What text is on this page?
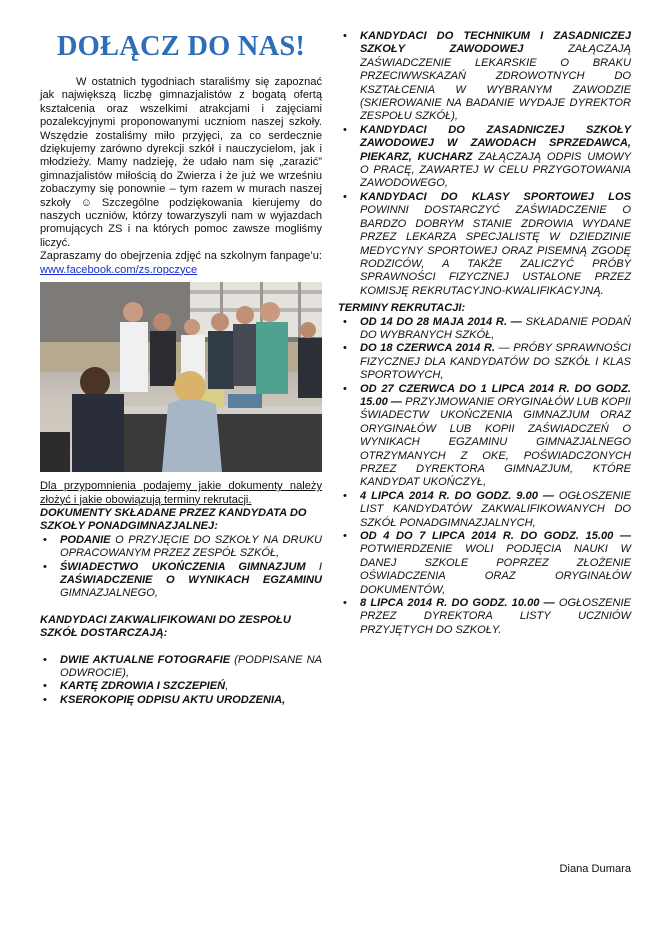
DOŁĄCZ DO NAS!

W ostatnich tygodniach staraliśmy się zapoznać jak największą liczbę gimnazjalistów z bogatą ofertą kształcenia oraz wszelkimi atrakcjami i zajęciami pozalekcyjnymi proponowanymi uczniom naszej szkoły. Wszędzie zostaliśmy miło przyjęci, za co serdecznie dziękujemy zarówno dyrekcji szkół i nauczycielom, jak i młodzieży. Mamy nadzieję, że udało nam się „zarazić” gimnazjalistów miłością do Zwierza i że już we wrześniu zobaczymy się ponownie – tym razem w murach naszej szkoły ☺ Szczególne podziękowania kierujemy do naszych uczniów, którzy towarzyszyli nam w wyjazdach promujących ZS i na których pomoc zawsze mogliśmy liczyć.

Zapraszamy do obejrzenia zdjęć na szkolnym fanpage’u: www.facebook.com/zs.ropczyce

Dla przypomnienia podajemy jakie dokumenty należy złożyć i jakie obowiązują terminy rekrutacji.

DOKUMENTY SKŁADANE PRZEZ KANDYDATA DO SZKOŁY PONADGIMNAZJALNEJ:

• PODANIE O PRZYJĘCIE DO SZKOŁY NA DRUKU OPRACOWANYM PRZEZ ZESPÓŁ SZKÓŁ,
• ŚWIADECTWO UKOŃCZENIA GIMNAZJUM I ZAŚWIADCZENIE O WYNIKACH EGZAMINU GIMNAZJALNEGO,

KANDYDACI ZAKWALIFIKOWANI DO ZESPOŁU SZKÓŁ DOSTARCZAJĄ:

• DWIE AKTUALNE FOTOGRAFIE (PODPISANE NA ODWROCIE),
• KARTĘ ZDROWIA I SZCZEPIEŃ,
• KSEROKOPIĘ ODPISU AKTU URODZENIA,
• KANDYDACI DO TECHNIKUM I ZASADNICZEJ SZKOŁY ZAWODOWEJ ZAŁĄCZAJĄ ZAŚWIADCZENIE LEKARSKIE O BRAKU PRZECIWWSKAZAŃ ZDROWOTNYCH DO KSZTAŁCENIA W WYBRANYM ZAWODZIE (SKIEROWANIE NA BADANIE WYDAJE DYREKTOR ZESPOŁU SZKÓŁ),
• KANDYDACI DO ZASADNICZEJ SZKOŁY ZAWODOWEJ W ZAWODACH SPRZEDAWCA, PIEKARZ, KUCHARZ ZAŁĄCZAJĄ ODPIS UMOWY O PRACĘ, ZAWARTEJ W CELU PRZYGOTOWANIA ZAWODOWEGO,
• KANDYDACI DO KLASY SPORTOWEJ LOS POWINNI DOSTARCZYĆ ZAŚWIADCZENIE O BARDZO DOBRYM STANIE ZDROWIA WYDANE PRZEZ LEKARZA SPECJALISTĘ W DZIEDZINIE MEDYCYNY SPORTOWEJ ORAZ PISEMNĄ ZGODĘ RODZICÓW, A TAKŻE ZALICZYĆ PRÓBY SPRAWNOŚCI FIZYCZNEJ USTALONE PRZEZ KOMISJĘ REKRUTACYJNO-KWALIFIKACYJNĄ.

TERMINY REKRUTACJI:

• OD 14 DO 28 MAJA 2014 R. — SKŁADANIE PODAŃ DO WYBRANYCH SZKÓŁ,
• DO 18 CZERWCA 2014 R. — PRÓBY SPRAWNOŚCI FIZYCZNEJ DLA KANDYDATÓW DO SZKÓŁ I KLAS SPORTOWYCH,
• OD 27 CZERWCA DO 1 LIPCA 2014 R. DO GODZ. 15.00 — PRZYJMOWANIE ORYGINAŁÓW LUB KOPII ŚWIADECTW UKOŃCZENIA GIMNAZJUM ORAZ ORYGINAŁÓW LUB KOPII ZAŚWIADCZEŃ O WYNIKACH EGZAMINU GIMNAZJALNEGO OTRZYMANYCH Z OKE, POŚWIADCZONYCH PRZEZ DYREKTORA GIMNAZJUM, KTÓRE KANDYDAT UKOŃCZYŁ,
• 4 LIPCA 2014 R. DO GODZ. 9.00 — OGŁOSZENIE LIST KANDYDATÓW ZAKWALIFIKOWANYCH DO SZKÓŁ PONADGIMNAZJALNYCH,
• OD 4 DO 7 LIPCA 2014 R. DO GODZ. 15.00 — POTWIERDZENIE WOLI PODJĘCIA NAUKI W DANEJ SZKOLE POPRZEZ ZŁOŻENIE OŚWIADCZENIA ORAZ ORYGINAŁÓW DOKUMENTÓW,
• 8 LIPCA 2014 R. DO GODZ. 10.00 — OGŁOSZENIE PRZEZ DYREKTORA LISTY UCZNIÓW PRZYJĘTYCH DO SZKOŁY.
Diana Dumara
